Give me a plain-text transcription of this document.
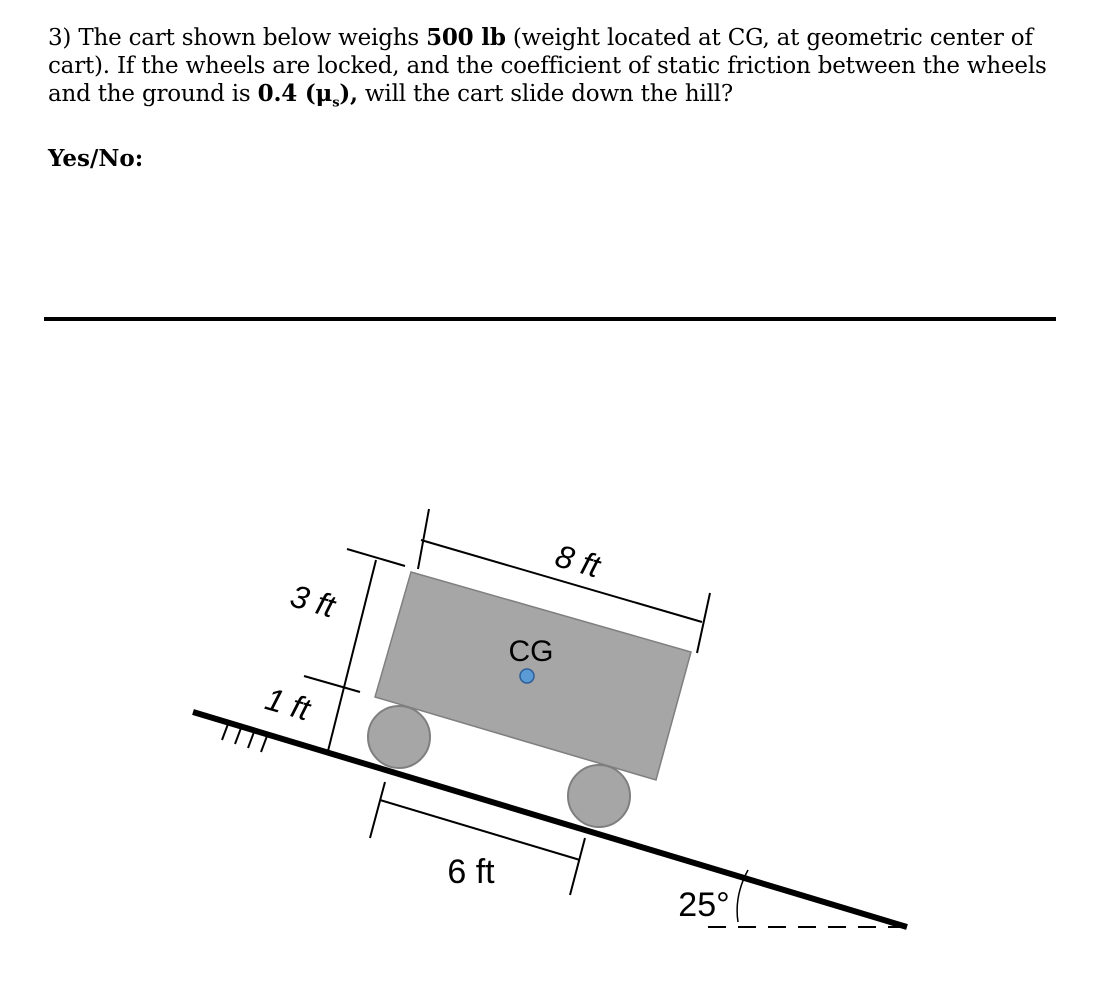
3) The cart shown below weighs 500 lb (weight located at CG, at geometric center of cart). If the wheels are locked, and the coefficient of static friction between the wheels and the ground is 0.4 $(\mu_s)$, will the cart slide down the hill?
Yes/No:
CG
8 ft
3 ft
1 ft
6 ft
25°
